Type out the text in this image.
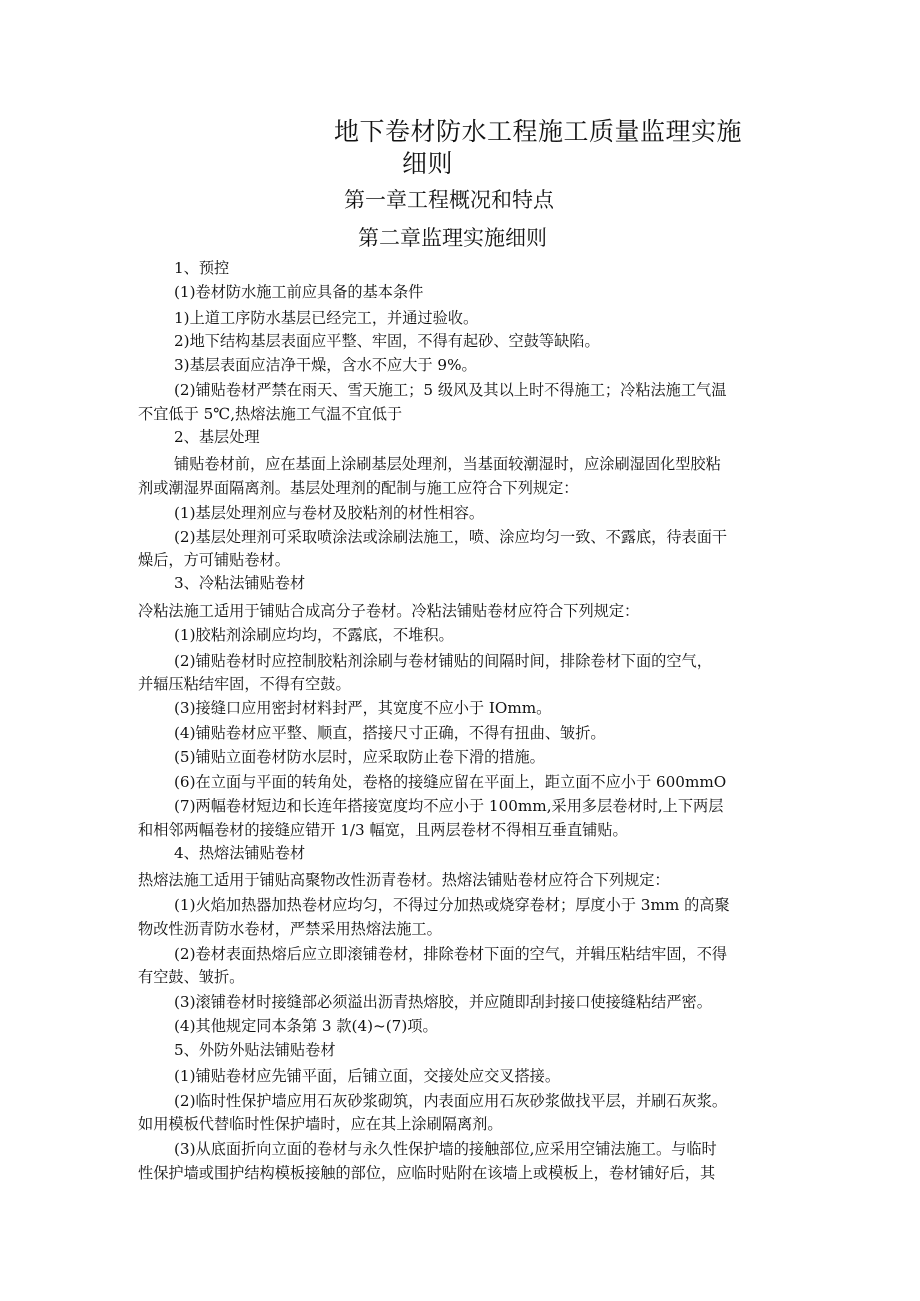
地下卷材防水工程施工质量监理实施
细则
第一章工程概况和特点
第二章监理实施细则
1、预控
(1)卷材防水施工前应具备的基本条件
1)上道工序防水基层已经完工，并通过验收。
2)地下结构基层表面应平整、牢固，不得有起砂、空鼓等缺陷。
3)基层表面应洁净干燥，含水不应大于 9%。
(2)铺贴卷材严禁在雨天、雪天施工；5 级风及其以上时不得施工；冷粘法施工气温
不宜低于 5℃,热熔法施工气温不宜低于
2、基层处理
铺贴卷材前，应在基面上涂刷基层处理剂，当基面较潮湿时，应涂刷湿固化型胶粘
剂或潮湿界面隔离剂。基层处理剂的配制与施工应符合下列规定：
(1)基层处理剂应与卷材及胶粘剂的材性相容。
(2)基层处理剂可采取喷涂法或涂刷法施工，喷、涂应均匀一致、不露底，待表面干
燥后，方可铺贴卷材。
3、冷粘法铺贴卷材
冷粘法施工适用于铺贴合成高分子卷材。冷粘法铺贴卷材应符合下列规定：
(1)胶粘剂涂刷应均均，不露底，不堆积。
(2)铺贴卷材时应控制胶粘剂涂刷与卷材铺贴的间隔时间，排除卷材下面的空气，
并辐压粘结牢固，不得有空鼓。
(3)接缝口应用密封材料封严，其宽度不应小于 IOmm。
(4)铺贴卷材应平整、顺直，搭接尺寸正确，不得有扭曲、皱折。
(5)铺贴立面卷材防水层时，应采取防止卷下滑的措施。
(6)在立面与平面的转角处，卷格的接缝应留在平面上，距立面不应小于 600mmO
(7)两幅卷材短边和长连年搭接宽度均不应小于 100mm,采用多层卷材时,上下两层
和相邻两幅卷材的接缝应错开 1/3 幅宽，且两层卷材不得相互垂直铺贴。
4、热熔法铺贴卷材
热熔法施工适用于铺贴高聚物改性沥青卷材。热熔法铺贴卷材应符合下列规定：
(1)火焰加热器加热卷材应均匀，不得过分加热或烧穿卷材；厚度小于 3mm 的高聚
物改性沥青防水卷材，严禁采用热熔法施工。
(2)卷材表面热熔后应立即滚铺卷材，排除卷材下面的空气，并辑压粘结牢固，不得
有空鼓、皱折。
(3)滚铺卷材时接缝部必须溢出沥青热熔胶，并应随即刮封接口使接缝粘结严密。
(4)其他规定同本条第 3 款(4)~(7)项。
5、外防外贴法铺贴卷材
(1)铺贴卷材应先铺平面，后铺立面，交接处应交叉搭接。
(2)临时性保护墙应用石灰砂浆砌筑，内表面应用石灰砂浆做找平层，并刷石灰浆。
如用模板代替临时性保护墙时，应在其上涂刷隔离剂。
(3)从底面折向立面的卷材与永久性保护墙的接触部位,应采用空铺法施工。与临时
性保护墙或围护结构模板接触的部位，应临时贴附在该墙上或模板上，卷材铺好后，其
